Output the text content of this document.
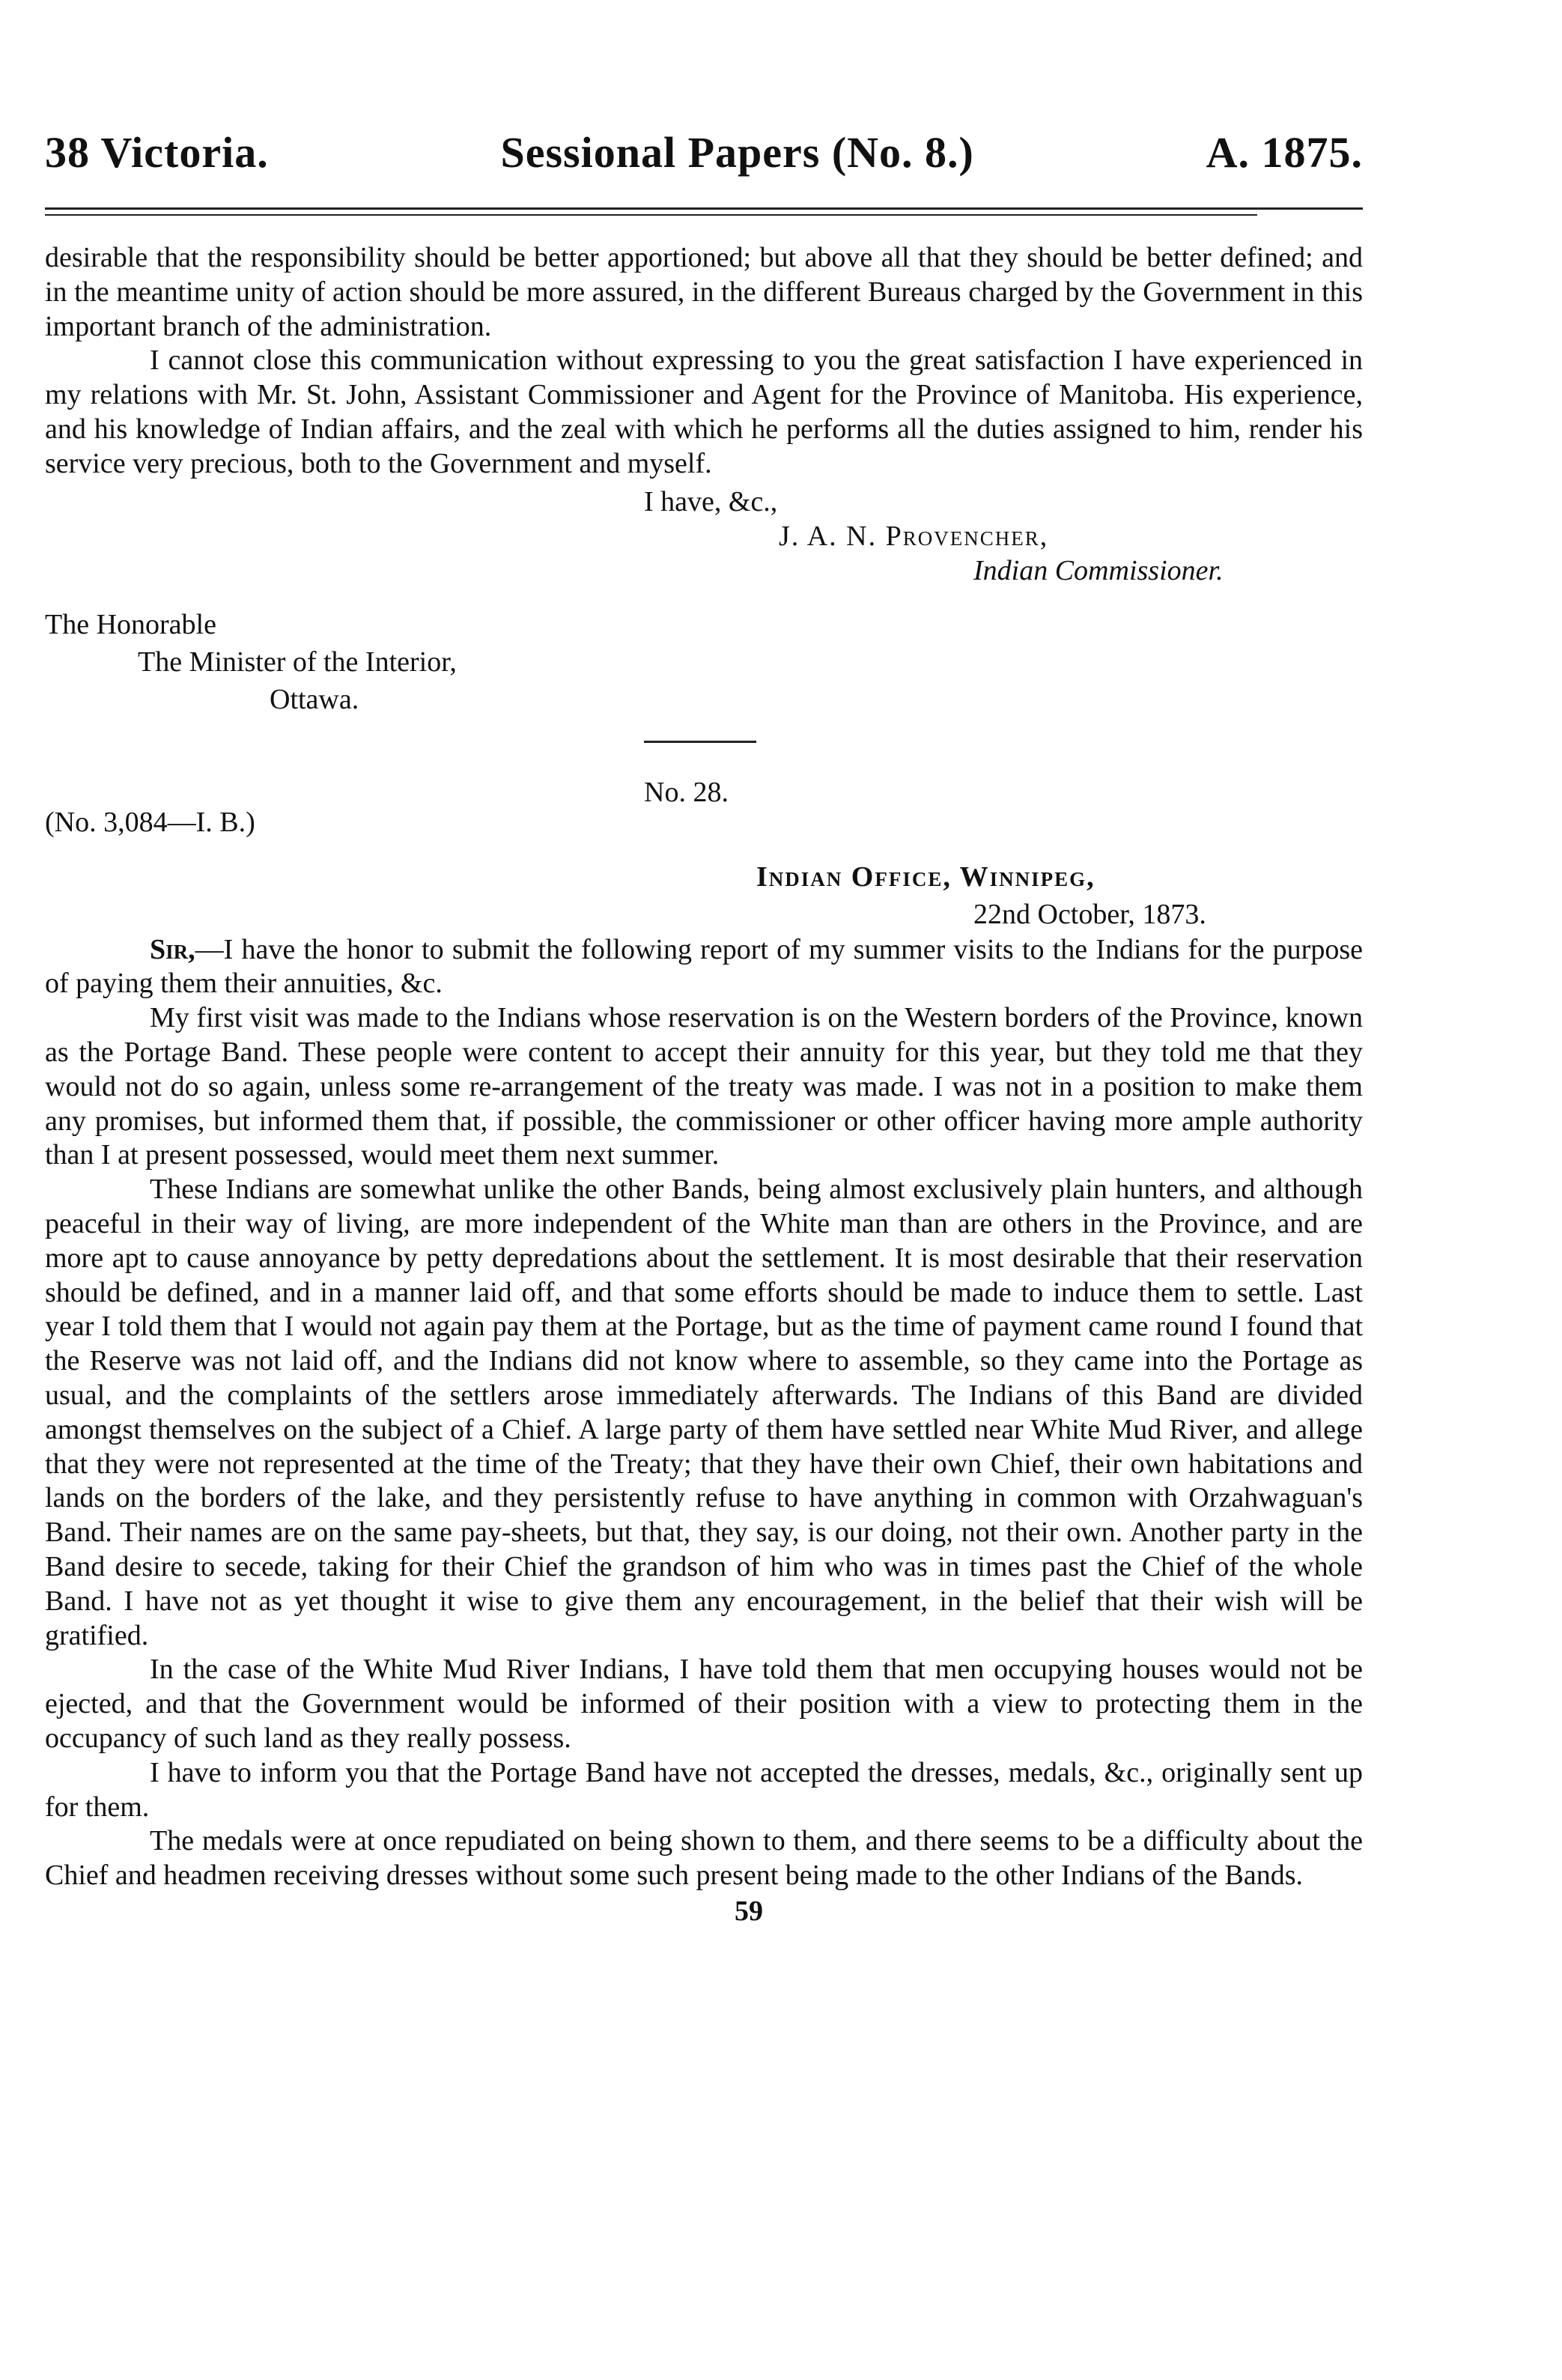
38 Victoria.	Sessional Papers (No. 8.)	A. 1875.

desirable that the responsibility should be better apportioned; but above all that they should be better defined; and in the meantime unity of action should be more assured, in the different Bureaus charged by the Government in this important branch of the administration.

I cannot close this communication without expressing to you the great satisfaction I have experienced in my relations with Mr. St. John, Assistant Commissioner and Agent for the Province of Manitoba. His experience, and his knowledge of Indian affairs, and the zeal with which he performs all the duties assigned to him, render his service very precious, both to the Government and myself.

I have, &c.,
J. A. N. Provencher,
Indian Commissioner.
The Honorable
The Minister of the Interior,
Ottawa.
(No. 3,084—I. B.)
No. 28.
Indian Office, Winnipeg,
22nd October, 1873.

Sir,—I have the honor to submit the following report of my summer visits to the Indians for the purpose of paying them their annuities, &c.

My first visit was made to the Indians whose reservation is on the Western borders of the Province, known as the Portage Band. These people were content to accept their annuity for this year, but they told me that they would not do so again, unless some re-arrangement of the treaty was made. I was not in a position to make them any promises, but informed them that, if possible, the commissioner or other officer having more ample authority than I at present possessed, would meet them next summer.

These Indians are somewhat unlike the other Bands, being almost exclusively plain hunters, and although peaceful in their way of living, are more independent of the White man than are others in the Province, and are more apt to cause annoyance by petty depredations about the settlement. It is most desirable that their reservation should be defined, and in a manner laid off, and that some efforts should be made to induce them to settle. Last year I told them that I would not again pay them at the Portage, but as the time of payment came round I found that the Reserve was not laid off, and the Indians did not know where to assemble, so they came into the Portage as usual, and the complaints of the settlers arose immediately afterwards. The Indians of this Band are divided amongst themselves on the subject of a Chief. A large party of them have settled near White Mud River, and allege that they were not represented at the time of the Treaty; that they have their own Chief, their own habitations and lands on the borders of the lake, and they persistently refuse to have anything in common with Orzahwaguan's Band. Their names are on the same pay-sheets, but that, they say, is our doing, not their own. Another party in the Band desire to secede, taking for their Chief the grandson of him who was in times past the Chief of the whole Band. I have not as yet thought it wise to give them any encouragement, in the belief that their wish will be gratified.

In the case of the White Mud River Indians, I have told them that men occupying houses would not be ejected, and that the Government would be informed of their position with a view to protecting them in the occupancy of such land as they really possess.

I have to inform you that the Portage Band have not accepted the dresses, medals, &c., originally sent up for them.

The medals were at once repudiated on being shown to them, and there seems to be a difficulty about the Chief and headmen receiving dresses without some such present being made to the other Indians of the Bands.

59
